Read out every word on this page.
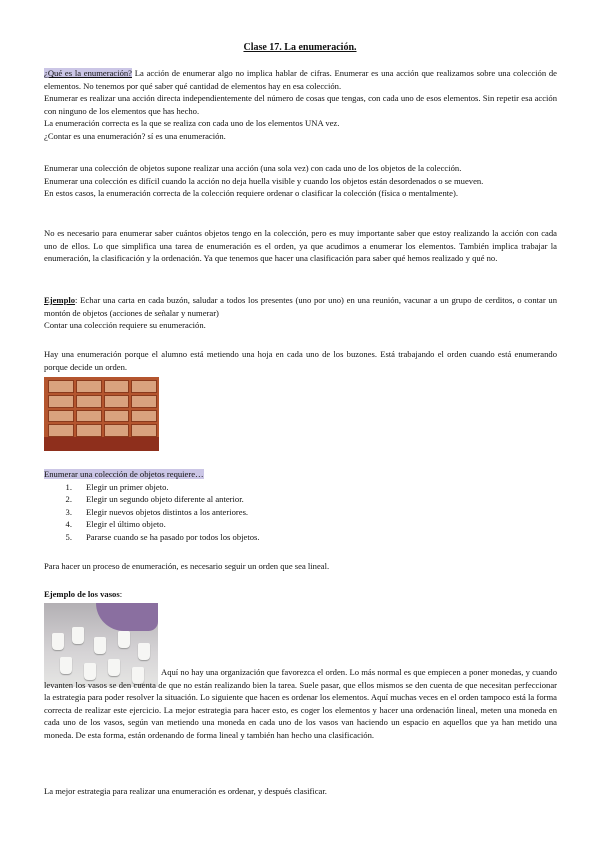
Clase 17. La enumeración.

¿Qué es la enumeración? La acción de enumerar algo no implica hablar de cifras. Enumerar es una acción que realizamos sobre una colección de elementos. No tenemos por qué saber qué cantidad de elementos hay en esa colección.

Enumerar es realizar una acción directa independientemente del número de cosas que tengas, con cada uno de esos elementos. Sin repetir esa acción con ninguno de los elementos que has hecho.

La enumeración correcta es la que se realiza con cada uno de los elementos UNA vez.

¿Contar es una enumeración? sí es una enumeración.

Enumerar una colección de objetos supone realizar una acción (una sola vez) con cada uno de los objetos de la colección.

Enumerar una colección es difícil cuando la acción no deja huella visible y cuando los objetos están desordenados o se mueven.

En estos casos, la enumeración correcta de la colección requiere ordenar o clasificar la colección (física o mentalmente).

No es necesario para enumerar saber cuántos objetos tengo en la colección, pero es muy importante saber que estoy realizando la acción con cada uno de ellos. Lo que simplifica una tarea de enumeración es el orden, ya que acudimos a enumerar los elementos. También implica trabajar la enumeración, la clasificación y la ordenación. Ya que tenemos que hacer una clasificación para saber qué hemos realizado y qué no.

Ejemplo: Echar una carta en cada buzón, saludar a todos los presentes (uno por uno) en una reunión, vacunar a un grupo de cerditos, o contar un montón de objetos (acciones de señalar y numerar)

Contar una colección requiere su enumeración.

Hay una enumeración porque el alumno está metiendo una hoja en cada uno de los buzones. Está trabajando el orden cuando está enumerando porque decide un orden.

Enumerar una colección de objetos requiere…

1.	Elegir un primer objeto.
2.	Elegir un segundo objeto diferente al anterior.
3.	Elegir nuevos objetos distintos a los anteriores.
4.	Elegir el último objeto.
5.	Pararse cuando se ha pasado por todos los objetos.

Para hacer un proceso de enumeración, es necesario seguir un orden que sea lineal.

Ejemplo de los vasos:

Aquí no hay una organización que favorezca el orden. Lo más normal es que empiecen a poner monedas, y cuando levanten los vasos se den cuenta de que no están realizando bien la tarea. Suele pasar, que ellos mismos se den cuenta de que necesitan perfeccionar la estrategia para poder resolver la situación. Lo siguiente que hacen es ordenar los elementos. Aquí muchas veces en el orden tampoco está la forma correcta de realizar este ejercicio. La mejor estrategia para hacer esto, es coger los elementos y hacer una ordenación lineal, meten una moneda en cada uno de los vasos, según van metiendo una moneda en cada uno de los vasos van haciendo un espacio en aquellos que ya han metido una moneda. De esta forma, están ordenando de forma lineal y también han hecho una clasificación.

La mejor estrategia para realizar una enumeración es ordenar, y después clasificar.
